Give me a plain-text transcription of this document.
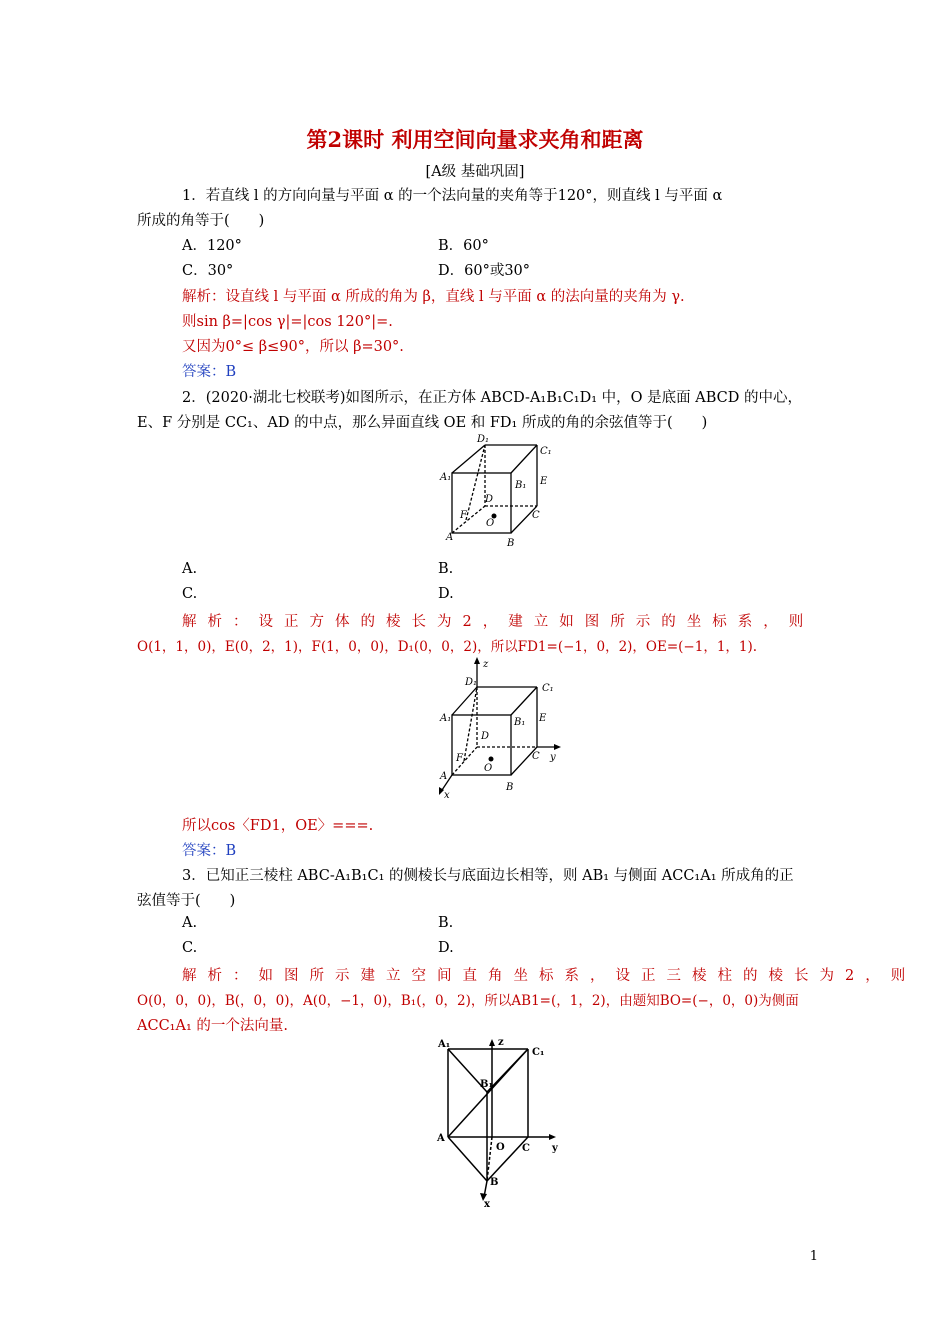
第2课时 利用空间向量求夹角和距离
[A级 基础巩固]
1．若直线 l 的方向向量与平面 α 的一个法向量的夹角等于120°，则直线 l 与平面 α
所成的角等于(　　)
A．120°	B．60°
C．30°	D．60°或30°
解析：设直线 l 与平面 α 所成的角为 β，直线 l 与平面 α 的法向量的夹角为 γ.
则sin β=|cos γ|=|cos 120°|=.
又因为0°≤ β≤90°，所以 β=30°.
答案：B
2．(2020·湖北七校联考)如图所示，在正方体 ABCD-A₁B₁C₁D₁ 中，O 是底面 ABCD 的中心，
E、F 分别是 CC₁、AD 的中点，那么异面直线 OE 和 FD₁ 所成的角的余弦值等于(　　)
D₁
C₁
A₁
B₁ E
D
F
O
C
A
B
A.	B.
C.	D.
解析：设正方体的棱长为2，建立如图所示的坐标系，则
O(1，1，0)，E(0，2，1)，F(1，0，0)，D₁(0，0，2)，所以FD1=(−1，0，2)，OE=(−1，1，1).
z
D₁
C₁
A₁	B₁ E
D
F
O
C y
A
x
B
所以cos〈FD1，OE〉===.
答案：B
3．已知正三棱柱 ABC-A₁B₁C₁ 的侧棱长与底面边长相等，则 AB₁ 与侧面 ACC₁A₁ 所成角的正
弦值等于(　　)
A.	B.
C.	D.
解析：如图所示建立空间直角坐标系，设正三棱柱的棱长为2，则
O(0，0，0)，B(，0，0)，A(0，−1，0)，B₁(，0，2)，所以AB1=(，1，2)，由题知BO=(−，0，0)为侧面
ACC₁A₁ 的一个法向量.
A₁	z
C₁
B₁
A
O C y
B
x
1
